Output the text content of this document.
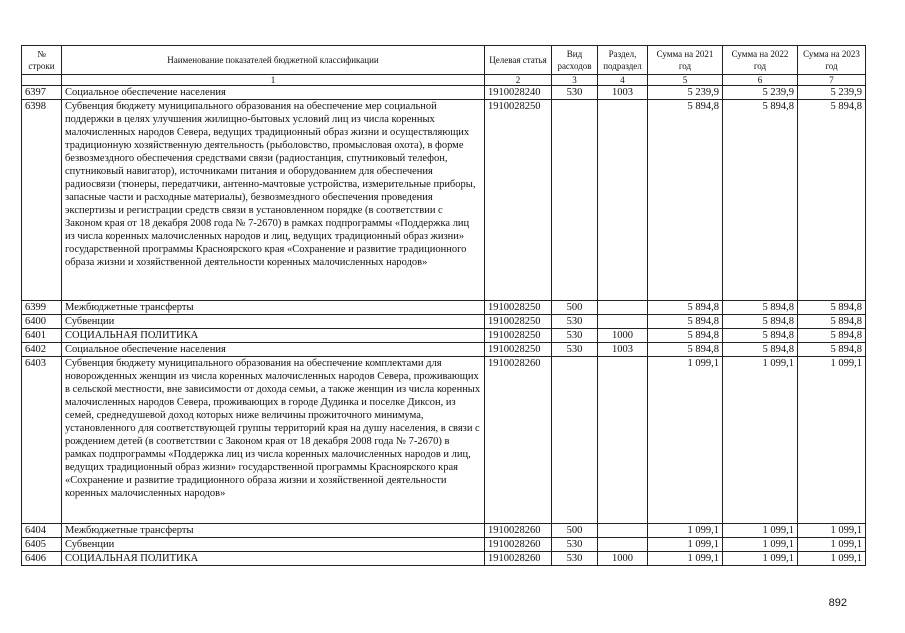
№ строки	Наименование показателей бюджетной классификации	Целевая статья	Вид расходов	Раздел, подраздел	Сумма на 2021 год	Сумма на 2022 год	Сумма на 2023 год
	1	2	3	4	5	6	7
6397	Социальное обеспечение населения	1910028240	530	1003	5 239,9	5 239,9	5 239,9
6398	Субвенция бюджету муниципального образования на обеспечение мер социальной поддержки в целях улучшения жилищно-бытовых условий лиц из числа коренных малочисленных народов Севера, ведущих традиционный образ жизни и осуществляющих традиционную хозяйственную деятельность (рыболовство, промысловая охота), в форме безвозмездного обеспечения средствами связи (радиостанция, спутниковый телефон, спутниковый навигатор), источниками питания и оборудованием для обеспечения радиосвязи (тюнеры, передатчики, антенно-мачтовые устройства, измерительные приборы, запасные части и расходные материалы), безвозмездного обеспечения проведения экспертизы и регистрации средств связи в установленном порядке (в соответствии с Законом края от 18 декабря 2008 года № 7-2670) в рамках подпрограммы «Поддержка лиц из числа коренных малочисленных народов и лиц, ведущих традиционный образ жизни» государственной программы Красноярского края «Сохранение и развитие традиционного образа жизни и хозяйственной деятельности коренных малочисленных народов»	1910028250			5 894,8	5 894,8	5 894,8
6399	Межбюджетные трансферты	1910028250	500		5 894,8	5 894,8	5 894,8
6400	Субвенции	1910028250	530		5 894,8	5 894,8	5 894,8
6401	СОЦИАЛЬНАЯ ПОЛИТИКА	1910028250	530	1000	5 894,8	5 894,8	5 894,8
6402	Социальное обеспечение населения	1910028250	530	1003	5 894,8	5 894,8	5 894,8
6403	Субвенция бюджету муниципального образования на обеспечение комплектами для новорожденных женщин из числа коренных малочисленных народов Севера, проживающих в сельской местности, вне зависимости от дохода семьи, а также женщин из числа коренных малочисленных народов Севера, проживающих в городе Дудинка и поселке Диксон, из семей, среднедушевой доход которых ниже величины прожиточного минимума, установленного для соответствующей группы территорий края на душу населения, в связи с рождением детей (в соответствии с Законом края от 18 декабря 2008 года № 7-2670) в рамках подпрограммы «Поддержка лиц из числа коренных малочисленных народов и лиц, ведущих традиционный образ жизни» государственной программы Красноярского края «Сохранение и развитие традиционного образа жизни и хозяйственной деятельности коренных малочисленных народов»	1910028260			1 099,1	1 099,1	1 099,1
6404	Межбюджетные трансферты	1910028260	500		1 099,1	1 099,1	1 099,1
6405	Субвенции	1910028260	530		1 099,1	1 099,1	1 099,1
6406	СОЦИАЛЬНАЯ ПОЛИТИКА	1910028260	530	1000	1 099,1	1 099,1	1 099,1
892
